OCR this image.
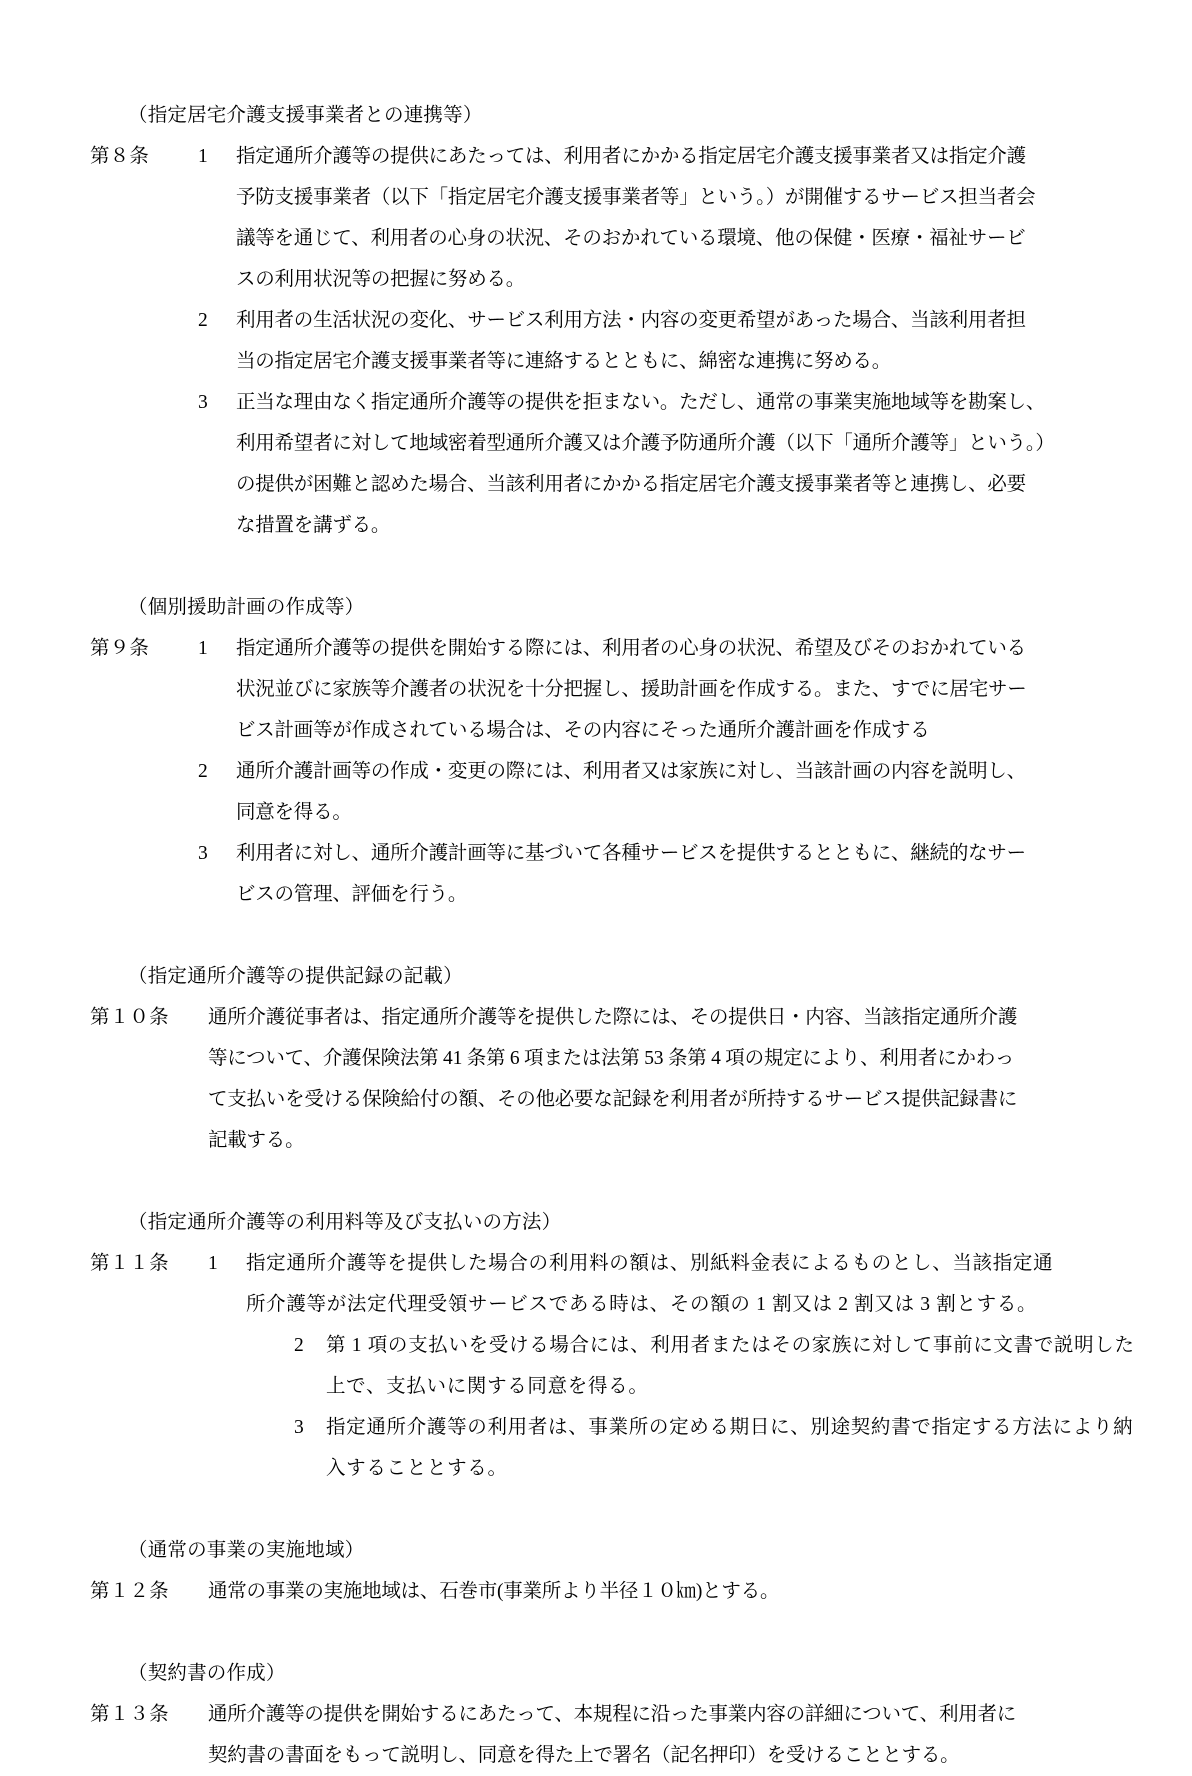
（指定居宅介護支援事業者との連携等）
第８条	1	指定通所介護等の提供にあたっては、利用者にかかる指定居宅介護支援事業者又は指定介護
予防支援事業者（以下「指定居宅介護支援事業者等」という。）が開催するサービス担当者会
議等を通じて、利用者の心身の状況、そのおかれている環境、他の保健・医療・福祉サービ
スの利用状況等の把握に努める。
2	利用者の生活状況の変化、サービス利用方法・内容の変更希望があった場合、当該利用者担
当の指定居宅介護支援事業者等に連絡するとともに、綿密な連携に努める。
3	正当な理由なく指定通所介護等の提供を拒まない。ただし、通常の事業実施地域等を勘案し、
利用希望者に対して地域密着型通所介護又は介護予防通所介護（以下「通所介護等」という。）
の提供が困難と認めた場合、当該利用者にかかる指定居宅介護支援事業者等と連携し、必要
な措置を講ずる。
（個別援助計画の作成等）
第９条	1	指定通所介護等の提供を開始する際には、利用者の心身の状況、希望及びそのおかれている
状況並びに家族等介護者の状況を十分把握し、援助計画を作成する。また、すでに居宅サー
ビス計画等が作成されている場合は、その内容にそった通所介護計画を作成する
2	通所介護計画等の作成・変更の際には、利用者又は家族に対し、当該計画の内容を説明し、
同意を得る。
3	利用者に対し、通所介護計画等に基づいて各種サービスを提供するとともに、継続的なサー
ビスの管理、評価を行う。
（指定通所介護等の提供記録の記載）
第１０条	通所介護従事者は、指定通所介護等を提供した際には、その提供日・内容、当該指定通所介護
等について、介護保険法第 41 条第 6 項または法第 53 条第 4 項の規定により、利用者にかわっ
て支払いを受ける保険給付の額、その他必要な記録を利用者が所持するサービス提供記録書に
記載する。
（指定通所介護等の利用料等及び支払いの方法）
第１１条	1	指定通所介護等を提供した場合の利用料の額は、別紙料金表によるものとし、当該指定通
所介護等が法定代理受領サービスである時は、その額の 1 割又は 2 割又は 3 割とする。
2	第 1 項の支払いを受ける場合には、利用者またはその家族に対して事前に文書で説明した
上で、支払いに関する同意を得る。
3	指定通所介護等の利用者は、事業所の定める期日に、別途契約書で指定する方法により納
入することとする。
（通常の事業の実施地域）
第１２条	通常の事業の実施地域は、石巻市(事業所より半径１０㎞)とする。
（契約書の作成）
第１３条	通所介護等の提供を開始するにあたって、本規程に沿った事業内容の詳細について、利用者に
契約書の書面をもって説明し、同意を得た上で署名（記名押印）を受けることとする。
